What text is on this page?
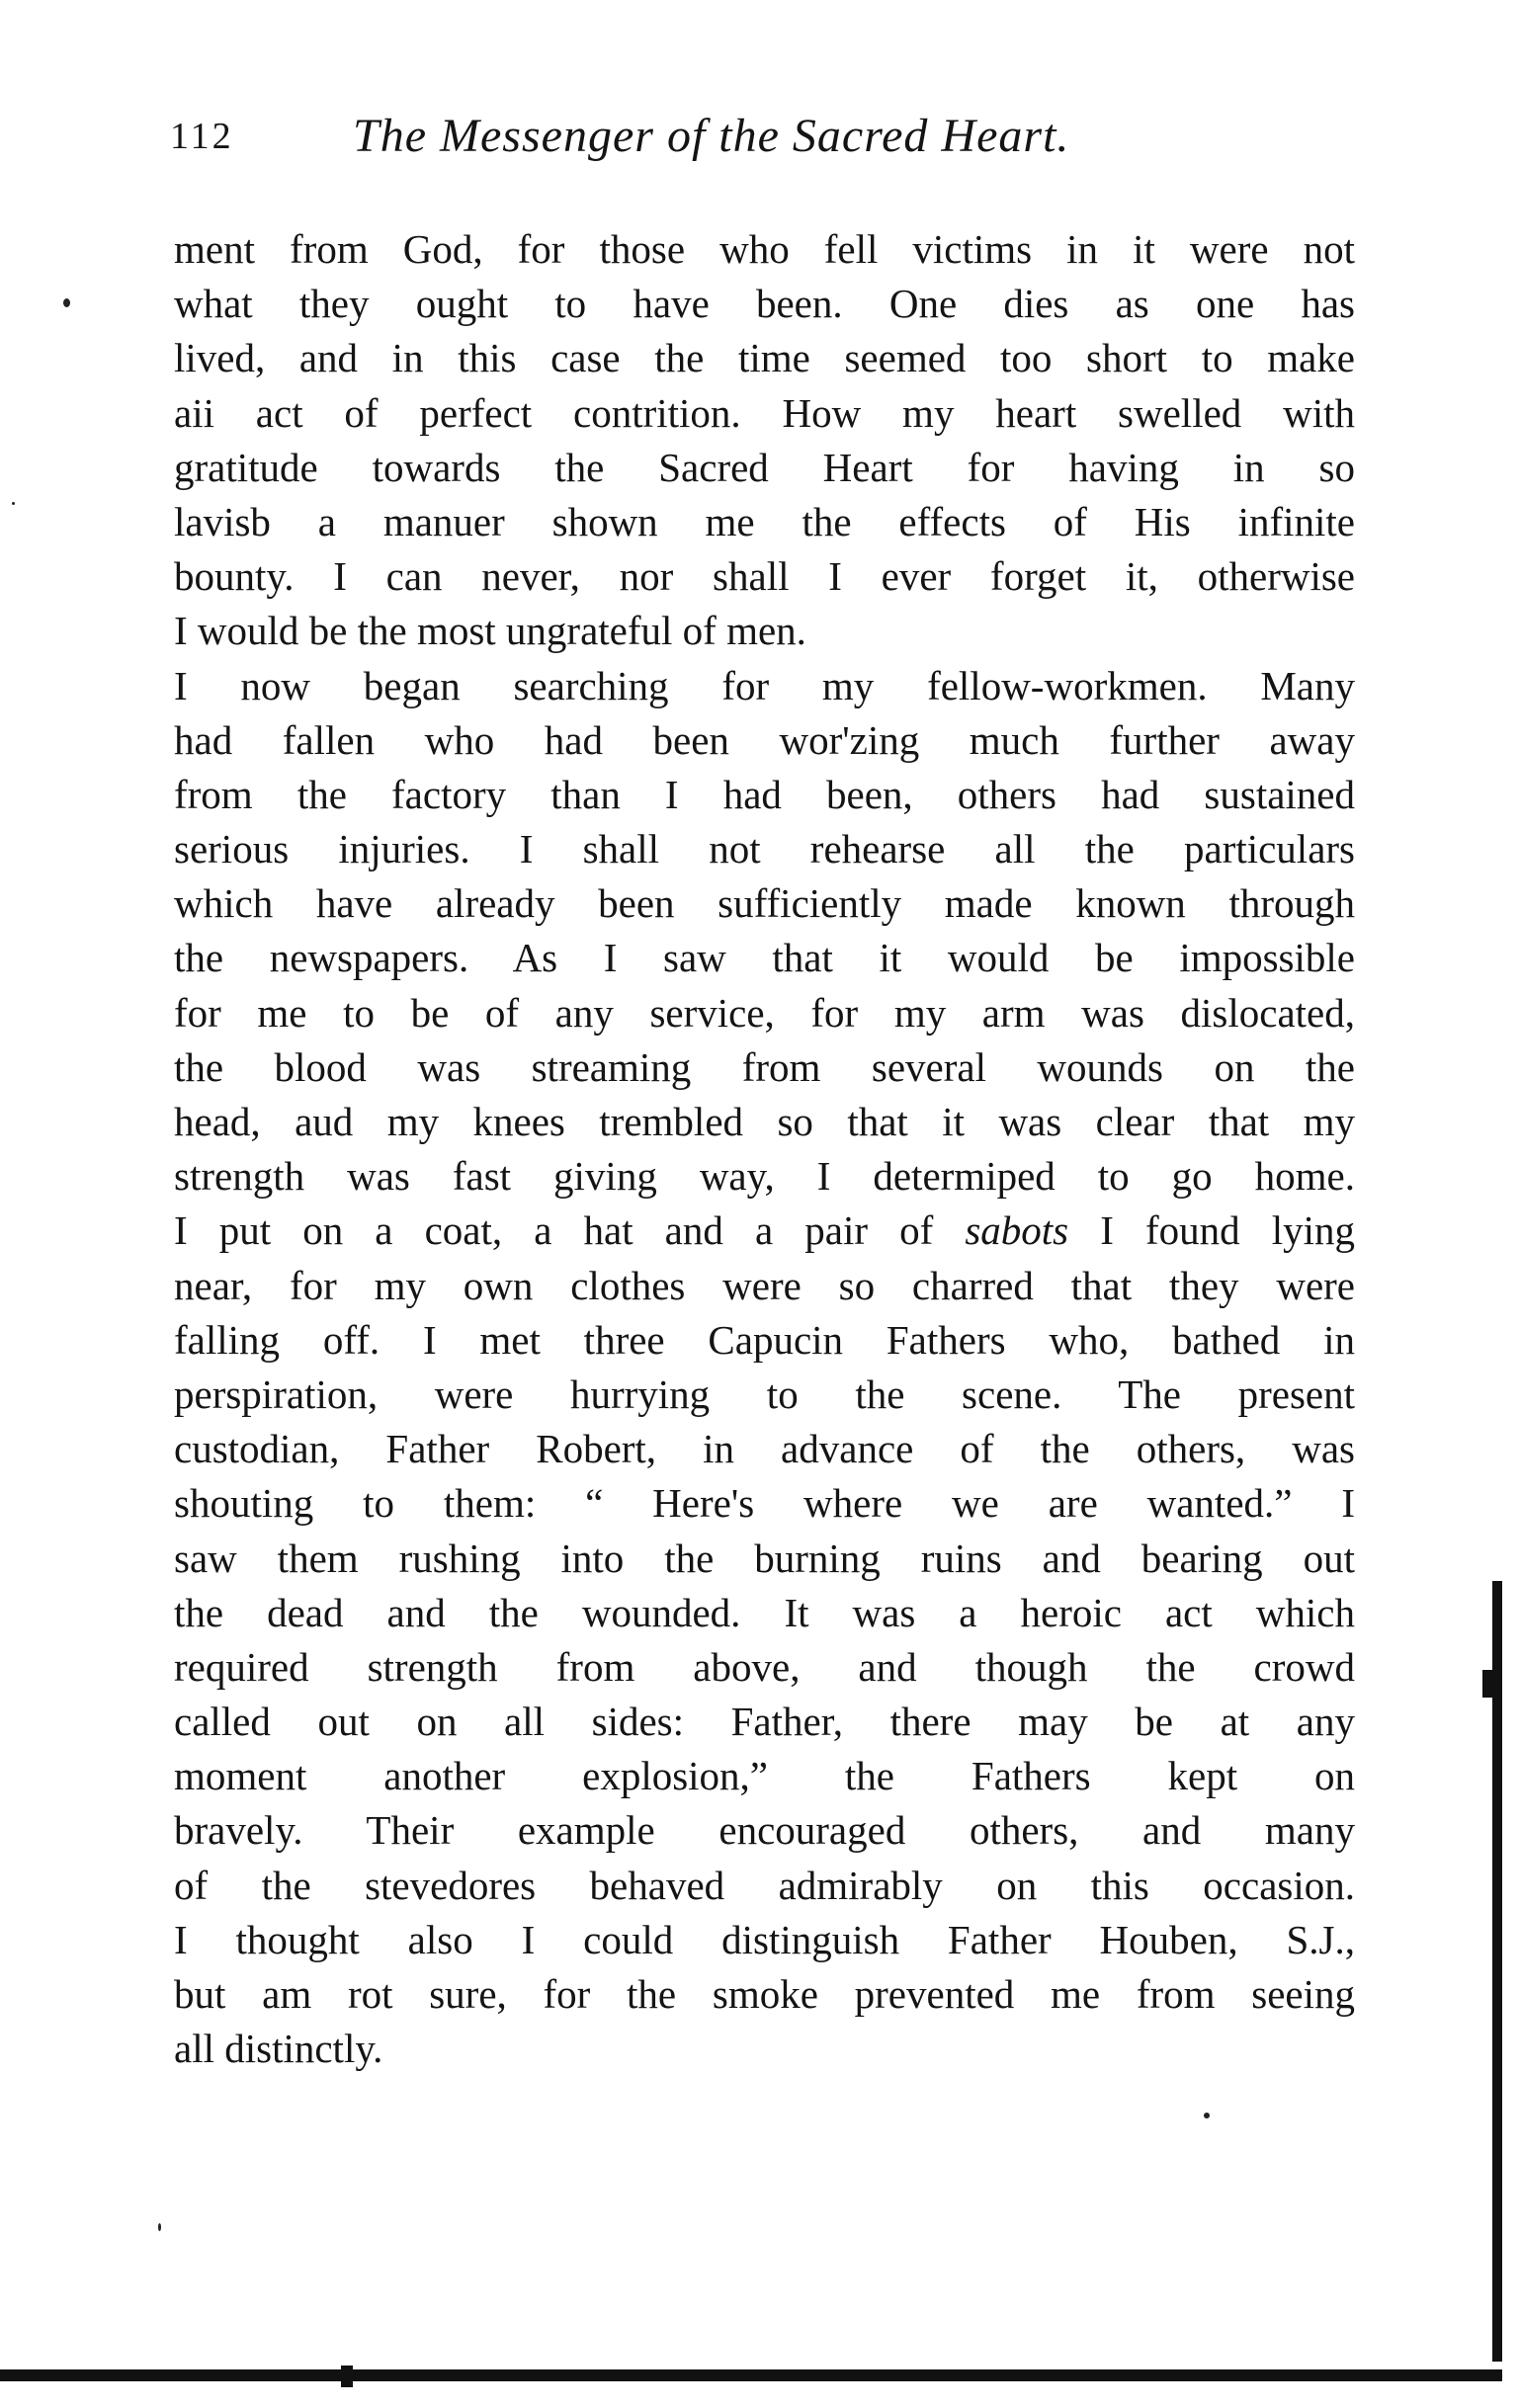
112	The Messenger of the Sacred Heart.
ment from God, for those who fell victims in it were not
what they ought to have been. One dies as one has
lived, and in this case the time seemed too short to make
aii act of perfect contrition. How my heart swelled with
gratitude towards the Sacred Heart for having in so
lavisb a manuer shown me the effects of His infinite
bounty. I can never, nor shall I ever forget it, otherwise
I would be the most ungrateful of men.
I now began searching for my fellow-workmen. Many
had fallen who had been wor'zing much further away
from the factory than I had been, others had sustained
serious injuries. I shall not rehearse all the particulars
which have already been sufficiently made known through
the newspapers. As I saw that it would be impossible
for me to be of any service, for my arm was dislocated,
the blood was streaming from several wounds on the
head, aud my knees trembled so that it was clear that my
strength was fast giving way, I determiped to go home.
I put on a coat, a hat and a pair of sabots I found lying
near, for my own clothes were so charred that they were
falling off. I met three Capucin Fathers who, bathed in
perspiration, were hurrying to the scene. The present
custodian, Father Robert, in advance of the others, was
shouting to them: “ Here's where we are wanted.” I
saw them rushing into the burning ruins and bearing out
the dead and the wounded. It was a heroic act which
required strength from above, and though the crowd
called out on all sides: Father, there may be at any
moment another explosion,” the Fathers kept on
bravely. Their example encouraged others, and many
of the stevedores behaved admirably on this occasion.
I thought also I could distinguish Father Houben, S.J.,
but am rot sure, for the smoke prevented me from seeing
all distinctly.
